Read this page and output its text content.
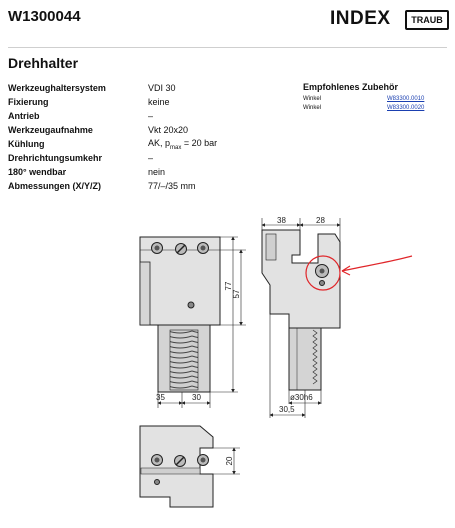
W1300044	INDEX	TRAUB
Drehhalter
Werkzeughaltersystem	VDI 30
Fixierung	keine
Antrieb	–
Werkzeugaufnahme	Vkt 20x20
Kühlung	AK, $p_{max} = 20$ bar
Drehrichtungsumkehr	–
180° wendbar	nein
Abmessungen (X/Y/Z)	77/–/35 mm
Empfohlenes Zubehör
Winkel	W83300.0010
Winkel	W83300.0020
35	30
77
57
38	28
ø30h6
30,5
20
